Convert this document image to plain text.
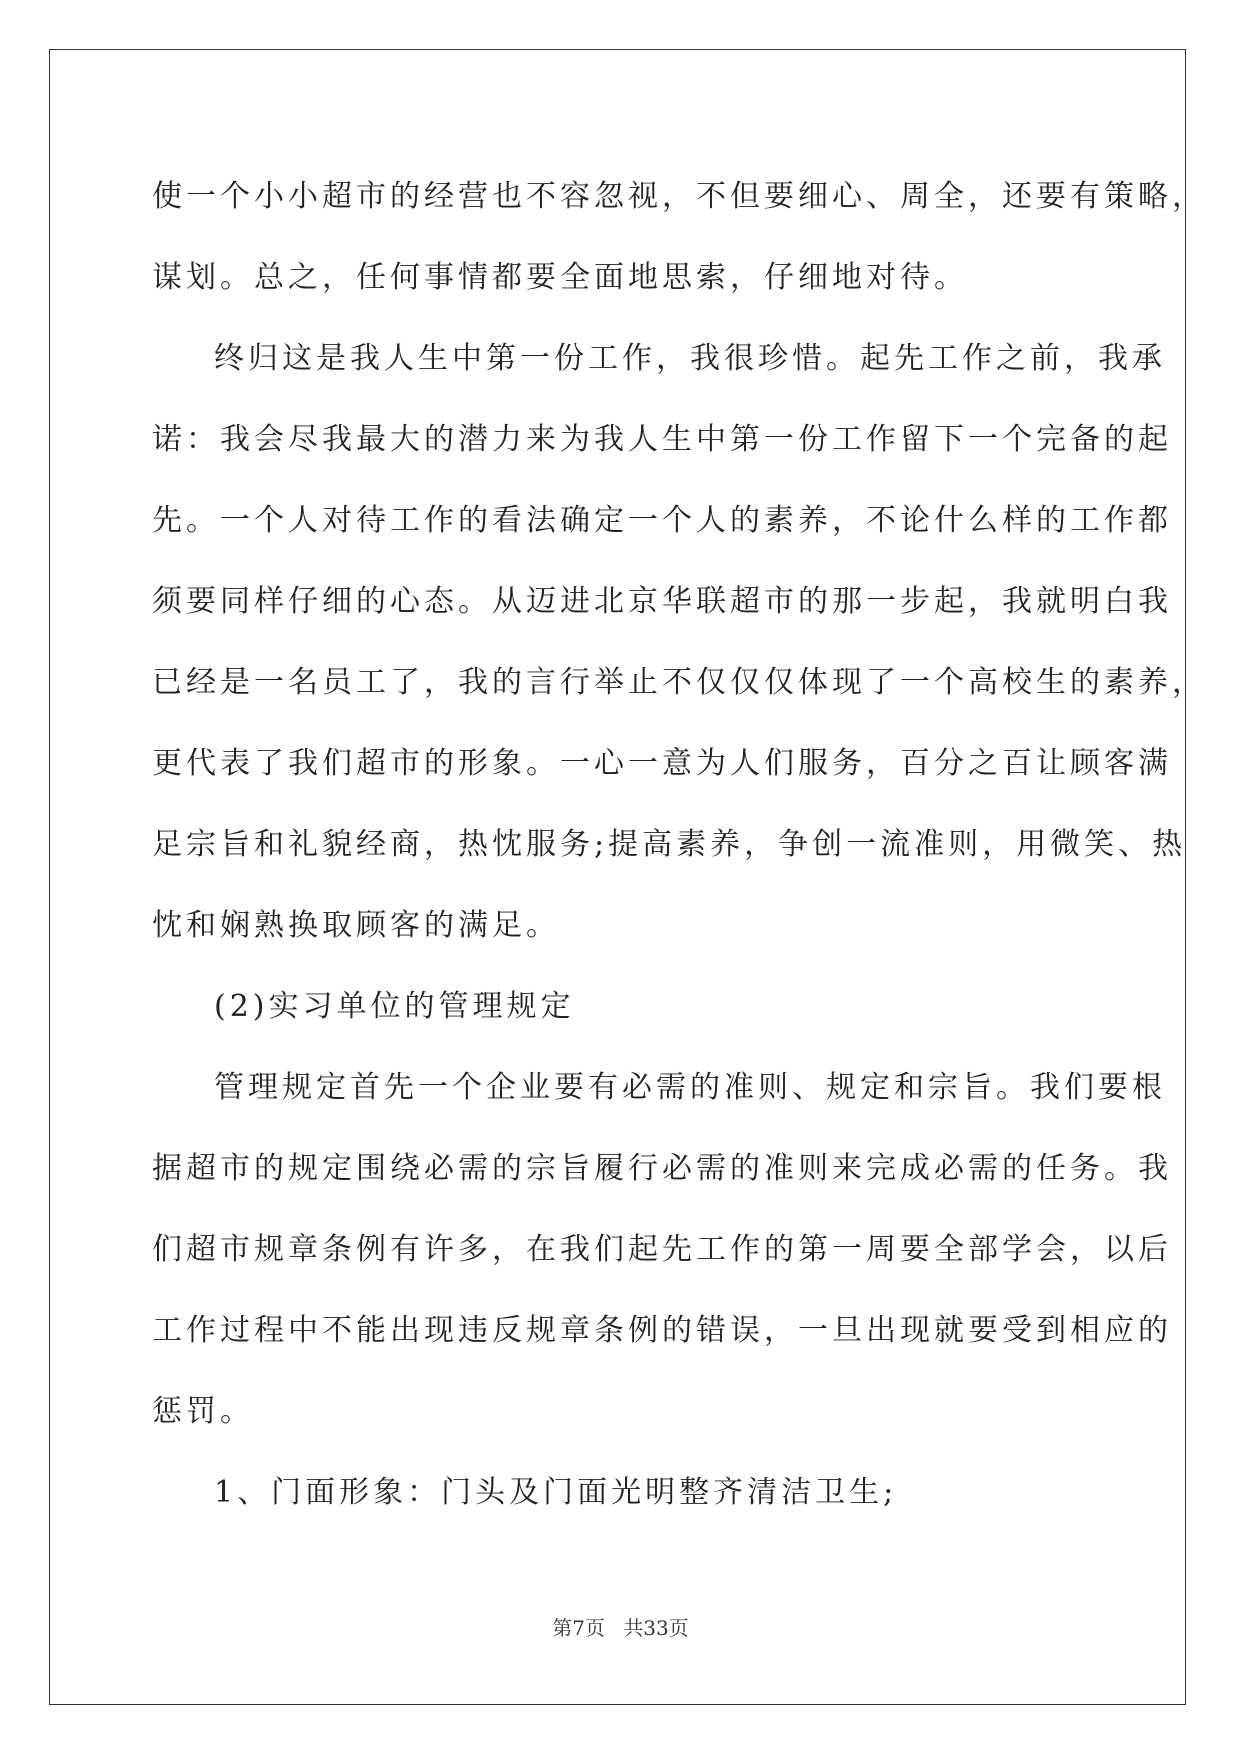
使一个小小超市的经营也不容忽视，不但要细心、周全，还要有策略，
谋划。总之，任何事情都要全面地思索，仔细地对待。
终归这是我人生中第一份工作，我很珍惜。起先工作之前，我承
诺：我会尽我最大的潜力来为我人生中第一份工作留下一个完备的起
先。一个人对待工作的看法确定一个人的素养，不论什么样的工作都
须要同样仔细的心态。从迈进北京华联超市的那一步起，我就明白我
已经是一名员工了，我的言行举止不仅仅仅体现了一个高校生的素养，
更代表了我们超市的形象。一心一意为人们服务，百分之百让顾客满
足宗旨和礼貌经商，热忱服务;提高素养，争创一流准则，用微笑、热
忱和娴熟换取顾客的满足。
(2)实习单位的管理规定
管理规定首先一个企业要有必需的准则、规定和宗旨。我们要根
据超市的规定围绕必需的宗旨履行必需的准则来完成必需的任务。我
们超市规章条例有许多，在我们起先工作的第一周要全部学会，以后
工作过程中不能出现违反规章条例的错误，一旦出现就要受到相应的
惩罚。
1、门面形象：门头及门面光明整齐清洁卫生;
第7页 共33页
